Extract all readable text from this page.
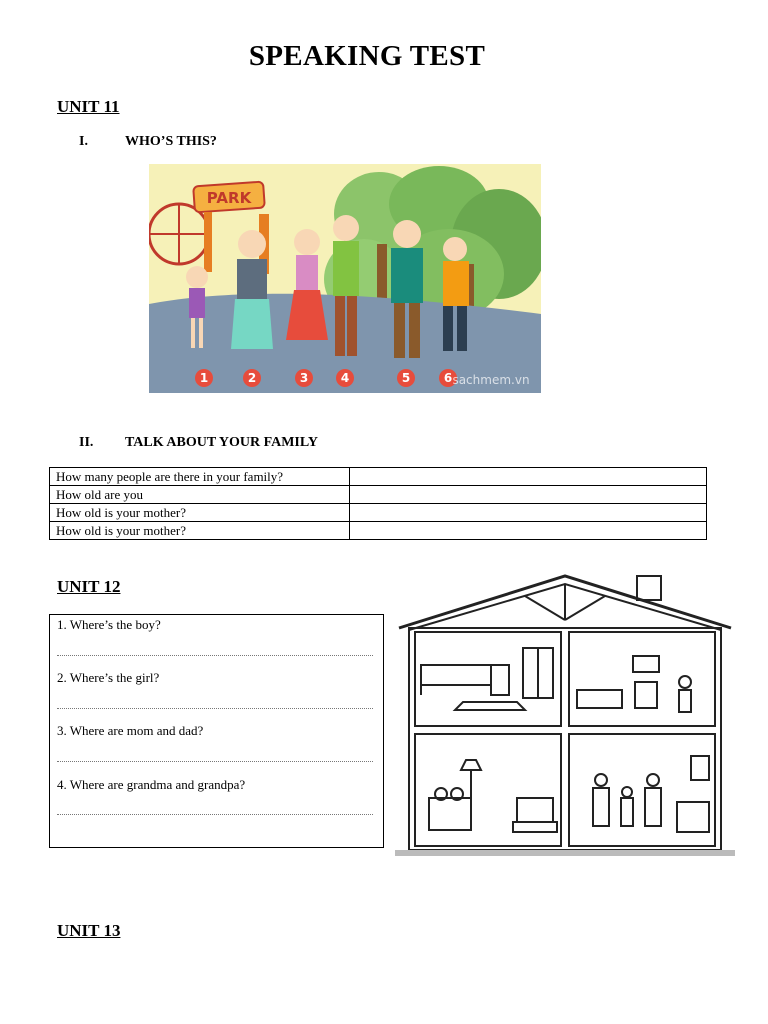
SPEAKING TEST
UNIT 11
I.	WHO’S THIS?
PARK
1	2	3	4	5	6 sachmem.vn
II. TALK ABOUT YOUR FAMILY
How many people are there in your family?	
How old are you	
How old is your mother?	
How old is your mother?	
UNIT 12
1. Where’s the boy?
2. Where’s the girl?
3. Where are mom and dad?
4. Where are grandma and grandpa?
UNIT 13
